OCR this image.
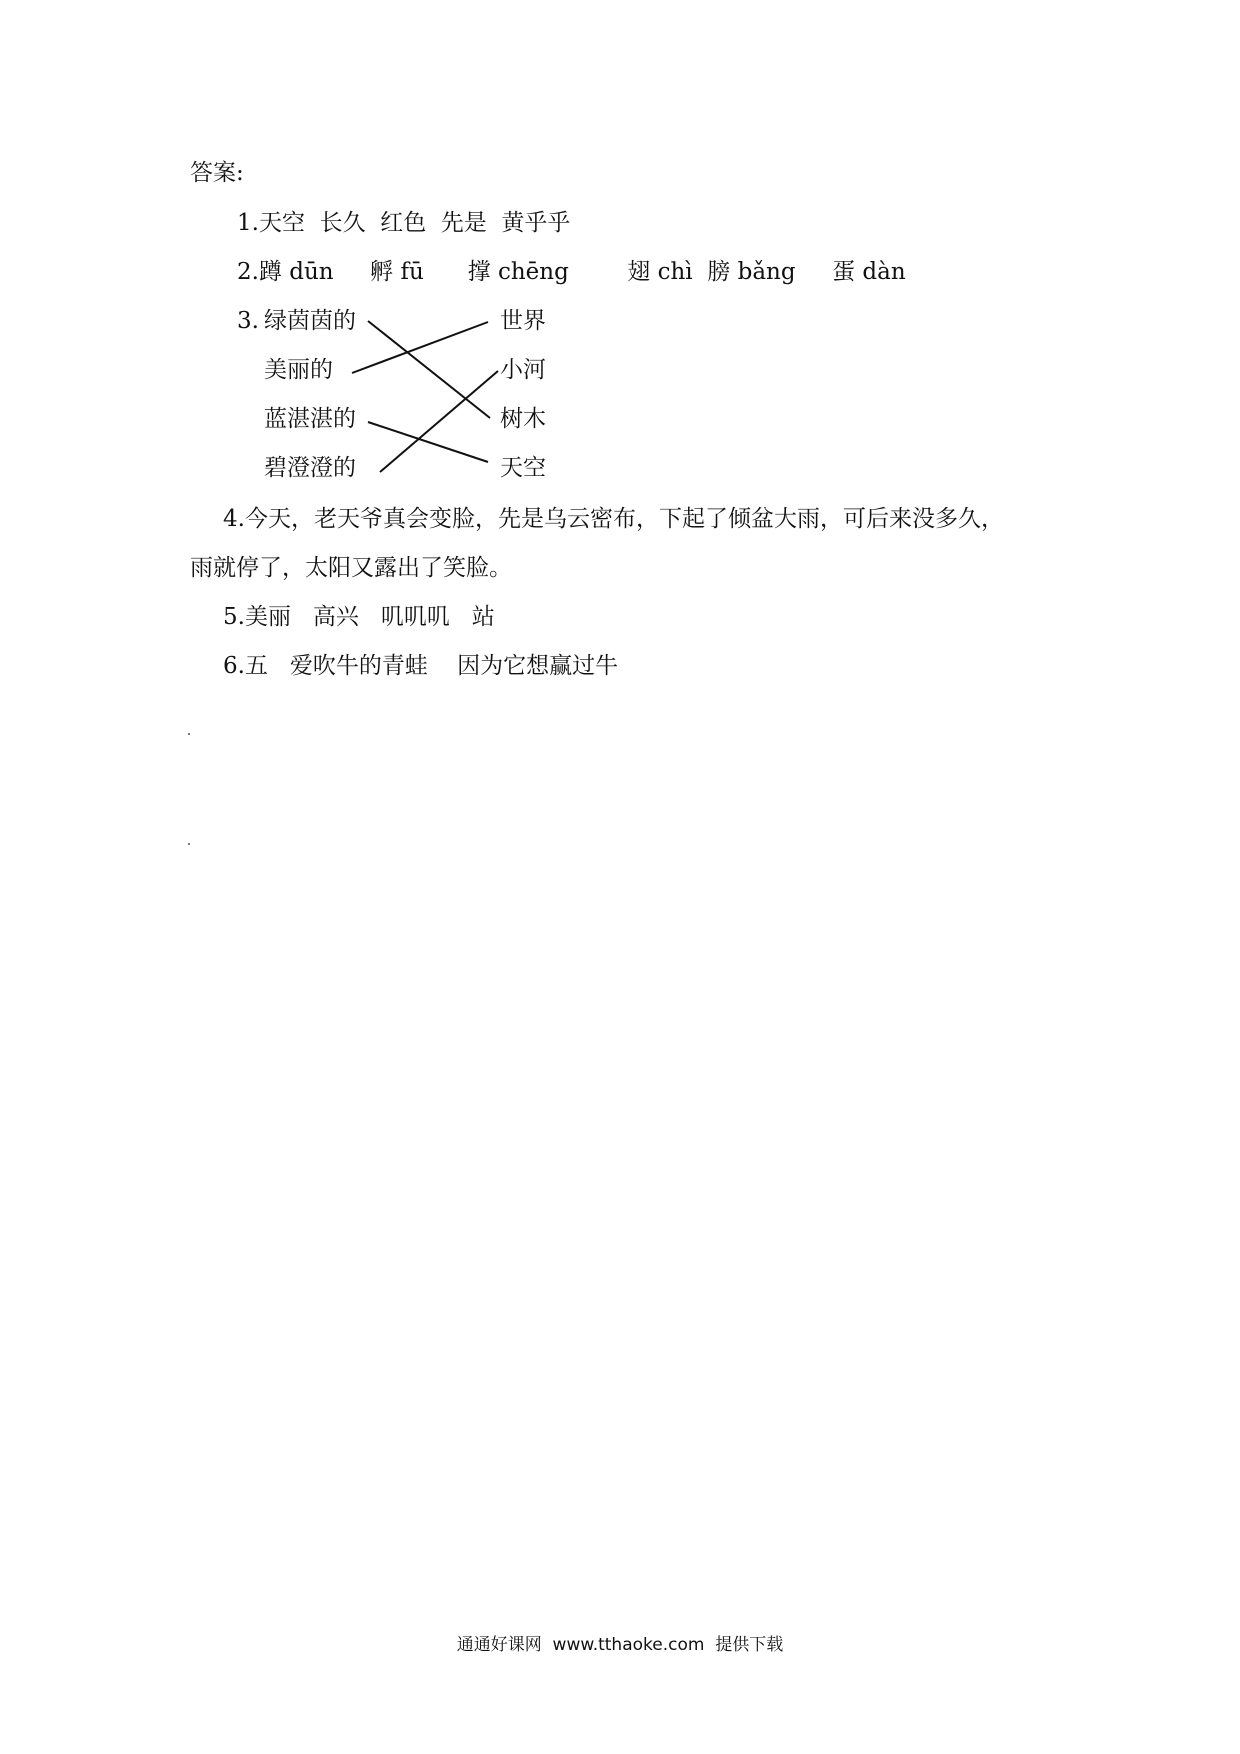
答案:
1.天空  长久  红色  先是  黄乎乎
2.蹲 dūn     孵 fū      撑 chēng        翅 chì  膀 bǎng     蛋 dàn
3. 绿茵茵的
美丽的
蓝湛湛的
碧澄澄的
世界
小河
树木
天空
4.今天，老天爷真会变脸，先是乌云密布，下起了倾盆大雨，可后来没多久，
雨就停了，太阳又露出了笑脸。
5.美丽   高兴   叽叽叽   站
6.五   爱吹牛的青蛙    因为它想赢过牛
通通好课网  www.tthaoke.com  提供下载
